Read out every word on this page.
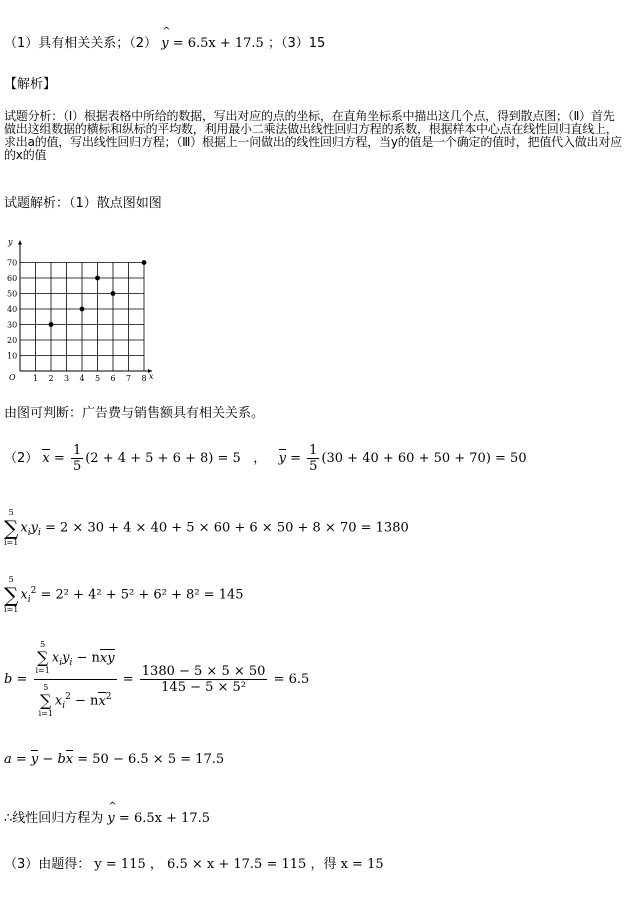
（1）具有相关关系；（2） ^ y = 6.5x + 17.5 ；（3）15
【解析】
试题分析：（Ⅰ）根据表格中所给的数据，写出对应的点的坐标，在直角坐标系中描出这几个点，得到散点图；（Ⅱ）首先做出这组数据的横标和纵标的平均数，利用最小二乘法做出线性回归方程的系数，根据样本中心点在线性回归直线上，求出a的值，写出线性回归方程；（Ⅲ）根据上一问做出的线性回归方程，当y的值是一个确定的值时，把值代入做出对应的x的值
试题解析：（1）散点图如图
y
x
O 1 2 3 4 5 6 7 8
10
20
30
40
50
60
70
由图可判断：广告费与销售额具有相关关系。
（2） $x = \frac{1}{5} (2 + 4 + 5 + 6 + 8) = 5$ ， $y = \frac{1}{5} (30 + 40 + 60 + 50 + 70) = 50$
5
∑
i=1
$x_iy_i = 2 \times 30 + 4 \times 40 + 5 \times 60 + 6 \times 50 + 8 \times 70 = 1380$
5
∑
i=1
$x_i^2 = 2^2 + 4^2 + 5^2 + 6^2 + 8^2 = 145$
b = 5
∑
i=1
$x_iy_i$ − nxy
5
∑
i=1
$x_i^2 - nx^2 = \frac{1380 - 5 \times 5 \times 50}{\text{145 − 5 × 5²}} = 6.5$
a = y − bx = 50 − 6.5 × 5 = 17.5
∴线性回归方程为 ^ y = 6.5x + 17.5
（3）由题得： y = 115 ， 6.5 × x + 17.5 = 115 ，得 x = 15
